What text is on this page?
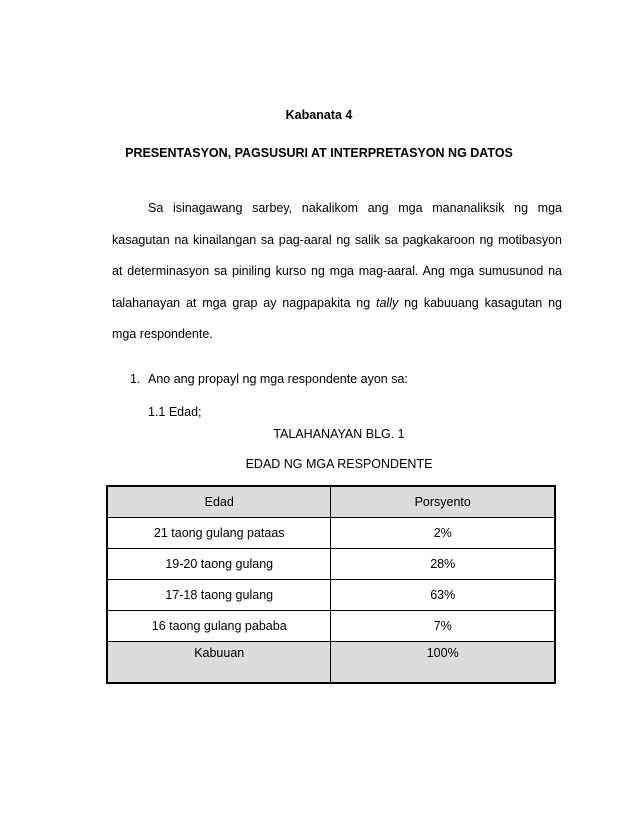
Kabanata 4
PRESENTASYON, PAGSUSURI AT INTERPRETASYON NG DATOS

Sa isinagawang sarbey, nakalikom ang mga mananaliksik ng mga kasagutan na kinailangan sa pag-aaral ng salik sa pagkakaroon ng motibasyon at determinasyon sa piniling kurso ng mga mag-aaral. Ang mga sumusunod na talahanayan at mga grap ay nagpapakita ng tally ng kabuuang kasagutan ng mga respondente.

1. Ano ang propayl ng mga respondente ayon sa:
1.1 Edad;
TALAHANAYAN BLG. 1
EDAD NG MGA RESPONDENTE
Edad	Porsyento
21 taong gulang pataas	2%
19-20 taong gulang	28%
17-18 taong gulang	63%
16 taong gulang pababa	7%
Kabuuan	100%
